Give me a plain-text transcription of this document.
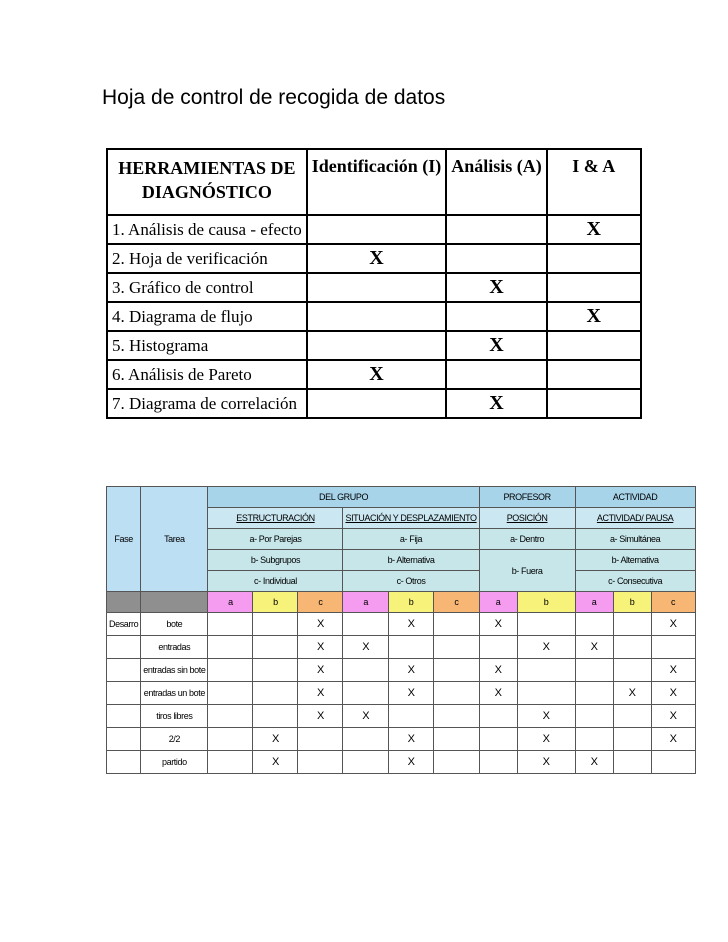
Hoja de control de recogida de datos
HERRAMIENTAS DE DIAGNÓSTICO	Identificación (I)	Análisis (A)	I & A
1. Análisis de causa - efecto			X
2. Hoja de verificación	X		
3. Gráfico de control		X	
4. Diagrama de flujo			X
5. Histograma		X	
6. Análisis de Pareto	X		
7. Diagrama de correlación		X	
Fase	Tarea	DEL GRUPO						PROFESOR		ACTIVIDAD		
		ESTRUCTURACIÓN			SITUACIÓN Y DESPLAZAMIENTO			POSICIÓN		ACTIVIDAD/ PAUSA		
		a- Por Parejas			a- Fija			a- Dentro		a- Simultánea		
		b- Subgrupos			b- Alternativa			b- Fuera		b- Alternativa		
		c- Individual			c- Otros					c- Consecutiva		
		a	b	c	a	b	c	a	b	a	b	c
Desarro	bote			X		X		X				X
	entradas			X	X				X	X		
	entradas sin bote			X		X		X				X
	entradas un bote			X		X		X			X	X
	tiros libres			X	X				X			X
	2/2		X			X			X			X
	partido		X			X			X	X		
